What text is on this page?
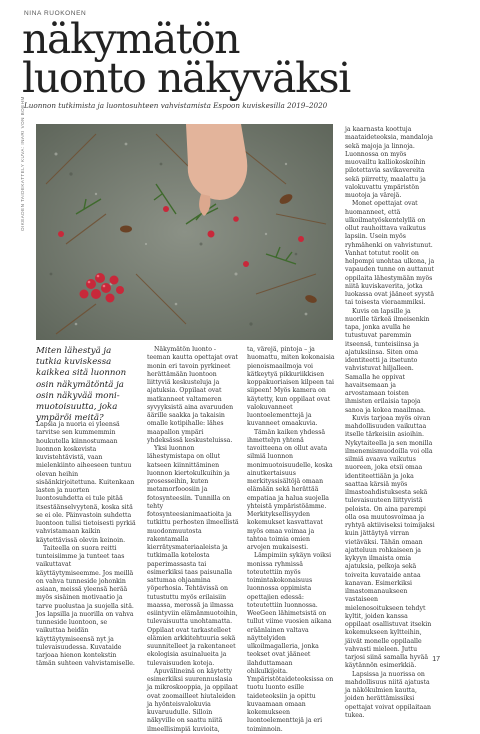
NINA RUOKONEN
näkymätön
luonto näkyväksi
Luonnon tutkimista ja luontosuhteen vahvistamista Espoon kuviskesilla 2019–2020
OIKEADEN TAIDEKATTELY KUVA: INARI VON BOEHM
Miten lähestyä ja tutkia kuviskessa kaikkea sitä luonnon osin näkymätöntä ja osin näkyvää monimuotoisuutta, joka ympäröi meitä?

Lapsia ja nuoria ei yleensä tarvitse sen kummemmin houkutella kiinnostumaan luonnon koskevista kuvistehtävistä, vaan mielenkiinto aiheeseen tuntuu olevan heihin sisäänkirjoitettuna. Kuitenkaan lasten ja nuorten luontosuhdetta ei tule pitää itsestäänselvyytenä, koska sitä se ei ole. Päinvastoin suhdetta luontoon tulisi tietoisesti pyrkiä vahvistamaan kaikin käytettävissä olevin keinoin.

Taiteella on suora reitti tunteisiimme ja tunteet taas vaikuttavat käyttäytymiseemme. Jos meillä on vahva tunneside johonkin asiaan, meissä yleensä herää myös sisäinen motivaatio ja tarve puolustaa ja suojella sitä. Jos lapsilla ja nuorilla on vahva tunneside luontoon, se vaikuttaa heidän käyttäytymiseensä nyt ja tulevaisuudessa. Kuvataide tarjoaa hienon kontekstin tämän suhteen vahvistamiselle.

Näkymätön luonto -teeman kautta opettajat ovat monin eri tavoin pyrkineet herättämään luontoon liittyviä keskusteluja ja ajatuksia. Oppilaat ovat matkanneet valtameren syvyyksistä aina avaruuden äärille saakka ja takaisin omalle kotipihalle: lähes maapallon ympäri yhdeksässä keskusteluissa.

Yksi luonnon lähestymistapa on ollut katseen kiinnittäminen luonnon kiertokulkuihin ja prosesseihin, kuten metamorfooosiin ja fotosynteesiin. Tunnilla on tehty fotosynteesianimaatioita ja tutkittu perhosten ilmeellistä muodonmuutosta rakentamalla kierrätysmateriaaleista ja tutkimalla kotelosta paperimassasta tai esimerkiksi taas paisunalla sattumaa ohjaamina yöperhosia. Tehtävissä on tutustuttu myös erilaisiin maassa, merossä ja ilmassa esiintyviin elämänmuotoihin, tulevaisuutta unohtamatta. Oppilaat ovat tarkastelleet elämien arkkitehtuuria sekä suunnitelleet ja rakentaneet ekologisia asuinalueita ja tulevaisuuden koteja.

Apuvälineinä on käytetty esimerkiksi suurennuslasia ja mikroskooppia, ja oppilaat ovat zoomailleet hiutaleiden ja hyönteisvalokuvia kuvaruudulle. Silloin näkyville on saattu niitä ilmeellisimpiä kuvioita,

ta, värejä, pintoja – ja huomattu, miten kokonaisia pienoismaailmoja voi kätkeytyä pikkuriikkisen koppakuoriaisen kilpeen tai siipeen! Myös kamera on käytetty, kun oppilaat ovat valokuvanneet luontoelementtejä ja kuvanneet omaakuvia.

Tämän kaiken yhdessä ihmettelyn yhtenä tavoitteena on ollut avata silmiä luonnon monimuotoisuudelle, koska ainutkertaisuus merkityssisältöjä omaan elämään sekä herättää empatiaa ja halua suojella yhteistä ympäristöämme. Merkityksellisyyden kokemukset kasvattavat myös omaa voimaa ja tahtoa toimia omien arvojen mukaisesti.

Lämpimiin sykäyn voiksi monissa ryhmissä toteutettiin myös toimintakokonaisuus luonnossa oppimista opettajien edessä: toteutettiin luonnossa. WeeGeen lähimetsistä on tullut viime vuosien aikana eräänlainen valtava näyttelyiden ulkoilmagalleria, jonka teokset ovat jääneet ilahduttamaan ohikulkijoita. Ympäristötaideteoksissa on tuotu luonto esille taideteoksiin ja opittu kuvaamaan omaan kokemukseen luontoelementtejä ja eri toiminnoin.

ja kaarnasta koottuja maataideteoksia, mandaloja sekä majoja ja linnoja. Luonnossa on myös muovailtu kalliokoskoihin pilotettavia savikavereita sekä piirretty, maalattu ja valokuvattu ympäristön muotoja ja värejä.

Monet opettajat ovat huomanneet, että ulkoilmatyöskentelyllä on ollut rauhoittava vaikutus lapsiin. Usein myös ryhmähenki on vahvistunut. Vanhat totutut roolit on helpompi unohtaa ulkona, ja vapauden tunne on auttanut oppilaita lähestymään myös niitä kuviskaverita, jotka luokassa ovat jääneet syystä tai toisesta vieraammiksi.

Kuvis on lapsille ja nuorille tärkeä ilmeisenkin tapa, jonka avulla he tutustuvat paremmin itseensä, tunteisiinsa ja ajatuksiinsa. Siten oma identiteetti ja itsetunto vahvistuvat hiljalleen. Samalla he oppivat havaitsemaan ja arvostamaan toisten ihmisten erilaisia tapoja sanoa ja kokea maailmaa.

Kuvis tarjoaa myös oivan mahdollisuuden vaikuttaa itselle tärkeisiin asioihin. Nykytaiteella ja sen monilla ilmenemismuodoilla voi olla silmiä avaava vaikutus nuoreen, joka etsii omaa identiteettiään ja joka saattaa kärsiä myös ilmastoahdistuksesta sekä tulevaisuuteen liittyvistä peloista. On aina parempi olla osa muutosvoimaa ja ryhtyä aktiiviseksi toimijaksi kuin jättäytyä virran vietäväksi. Tähän omaan ajatteluun rohkaiseen ja kykyyn ilmaista omia ajatuksia, pelkoja sekä toiveita kuvataide antaa kanavan. Esimerkiksi ilmastomanaukseen vastaiseen mielenosoitukseen tehdyt kyltit, joiden kanssa oppilaat osallistuvat itsekin kokemukseen kyltteihin, jäivät monelle oppilaalle vahvasti mieleen. Juttu tarjosi siinä samalla hyvää käytännön esimerkkiä.

Lapsissa ja nuorissa on mahdollisuus niitä ajatusta ja näkökulmien kautta, joiden herättämissiksi opettajat voivat oppilaitaan tukea.

17
